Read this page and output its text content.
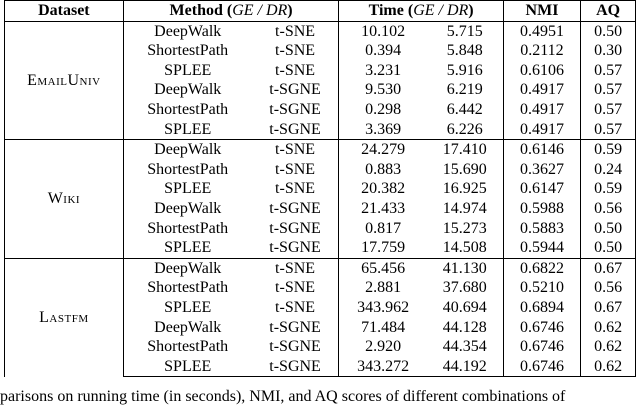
Dataset	Method (GE / DR)		Time (GE / DR)		NMI	AQ
EmailUniv	DeepWalk	t-SNE	10.102	5.715	0.4951	0.50
	ShortestPath	t-SNE	0.394	5.848	0.2112	0.30
	SPLEE	t-SNE	3.231	5.916	0.6106	0.57
	DeepWalk	t-SGNE	9.530	6.219	0.4917	0.57
	ShortestPath	t-SGNE	0.298	6.442	0.4917	0.57
	SPLEE	t-SGNE	3.369	6.226	0.4917	0.57
Wiki	DeepWalk	t-SNE	24.279	17.410	0.6146	0.59
	ShortestPath	t-SNE	0.883	15.690	0.3627	0.24
	SPLEE	t-SNE	20.382	16.925	0.6147	0.59
	DeepWalk	t-SGNE	21.433	14.974	0.5988	0.56
	ShortestPath	t-SGNE	0.817	15.273	0.5883	0.50
	SPLEE	t-SGNE	17.759	14.508	0.5944	0.50
Lastfm	DeepWalk	t-SNE	65.456	41.130	0.6822	0.67
	ShortestPath	t-SNE	2.881	37.680	0.5210	0.56
	SPLEE	t-SNE	343.962	40.694	0.6894	0.67
	DeepWalk	t-SGNE	71.484	44.128	0.6746	0.62
	ShortestPath	t-SGNE	2.920	44.354	0.6746	0.62
	SPLEE	t-SGNE	343.272	44.192	0.6746	0.62
parisons on running time (in seconds), NMI, and AQ scores of different combinations of
